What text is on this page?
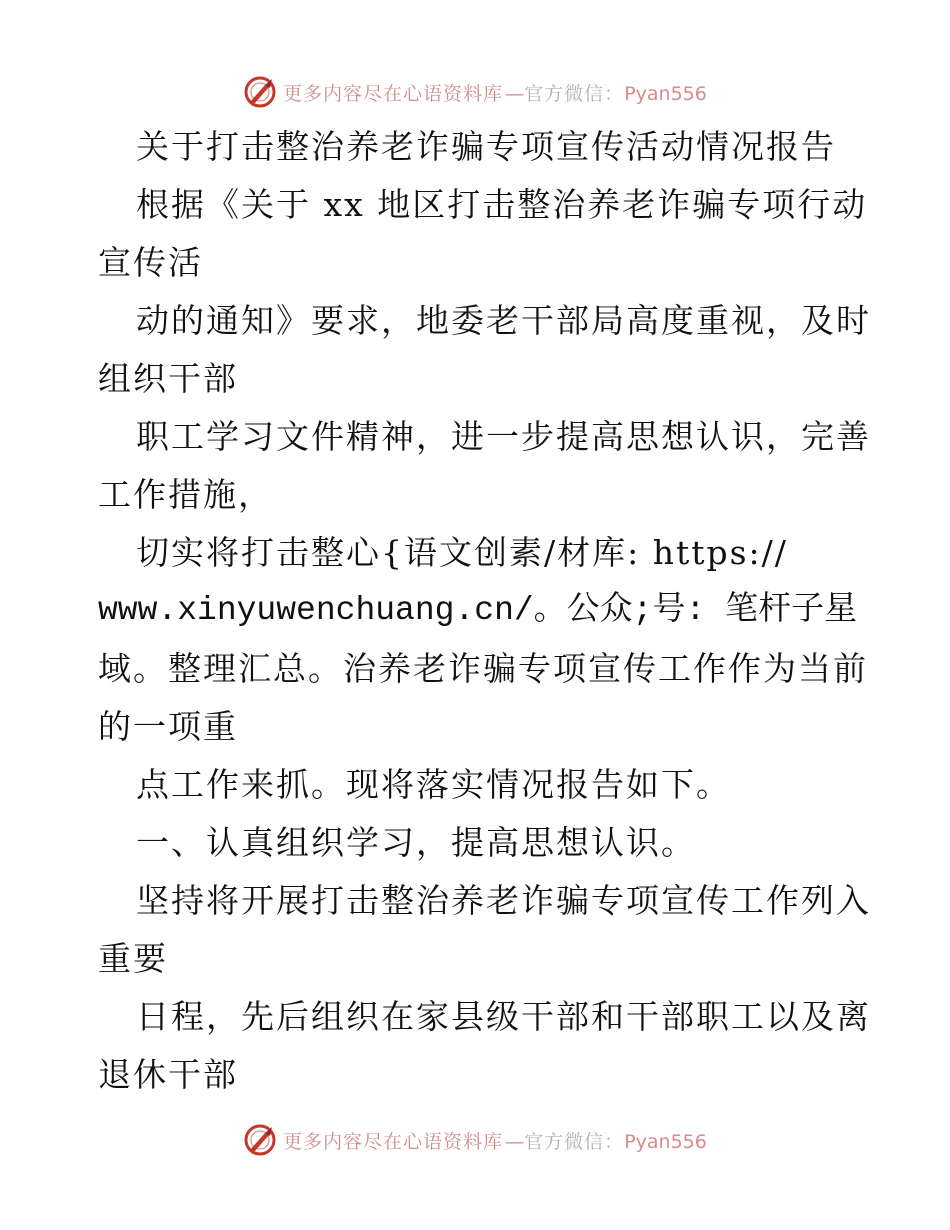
更多内容尽在心语资料库 — 官方微信：Pyan556
关于打击整治养老诈骗专项宣传活动情况报告
根据《关于 xx 地区打击整治养老诈骗专项行动
宣传活
动的通知》要求，地委老干部局高度重视，及时
组织干部
职工学习文件精神，进一步提高思想认识，完善
工作措施，
切实将打击整心{语文创素/材库: https://
www.xinyuwenchuang.cn/。公众;号: 笔杆子星
域。整理汇总。治养老诈骗专项宣传工作作为当前
的一项重
点工作来抓。现将落实情况报告如下。
一、认真组织学习，提高思想认识。
坚持将开展打击整治养老诈骗专项宣传工作列入
重要
日程，先后组织在家县级干部和干部职工以及离
退休干部
更多内容尽在心语资料库 — 官方微信：Pyan556
